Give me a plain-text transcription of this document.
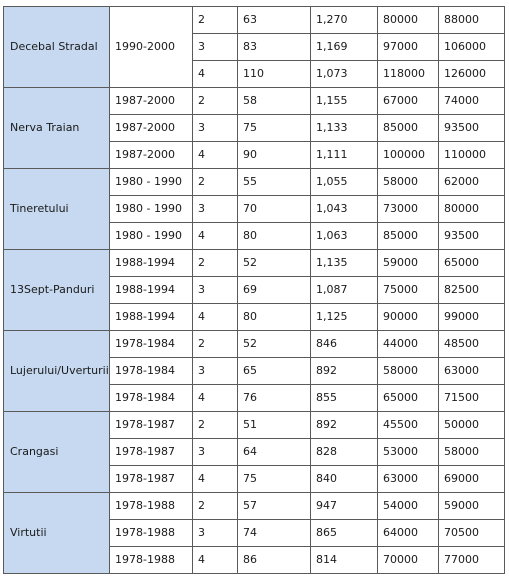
Decebal Stradal	1990-2000	2	63	1,270	80000	88000
		3	83	1,169	97000	106000
		4	110	1,073	118000	126000
Nerva Traian	1987-2000	2	58	1,155	67000	74000
	1987-2000	3	75	1,133	85000	93500
	1987-2000	4	90	1,111	100000	110000
Tineretului	1980 - 1990	2	55	1,055	58000	62000
	1980 - 1990	3	70	1,043	73000	80000
	1980 - 1990	4	80	1,063	85000	93500
13Sept-Panduri	1988-1994	2	52	1,135	59000	65000
	1988-1994	3	69	1,087	75000	82500
	1988-1994	4	80	1,125	90000	99000
Lujerului/Uverturii	1978-1984	2	52	846	44000	48500
	1978-1984	3	65	892	58000	63000
	1978-1984	4	76	855	65000	71500
Crangasi	1978-1987	2	51	892	45500	50000
	1978-1987	3	64	828	53000	58000
	1978-1987	4	75	840	63000	69000
Virtutii	1978-1988	2	57	947	54000	59000
	1978-1988	3	74	865	64000	70500
	1978-1988	4	86	814	70000	77000
